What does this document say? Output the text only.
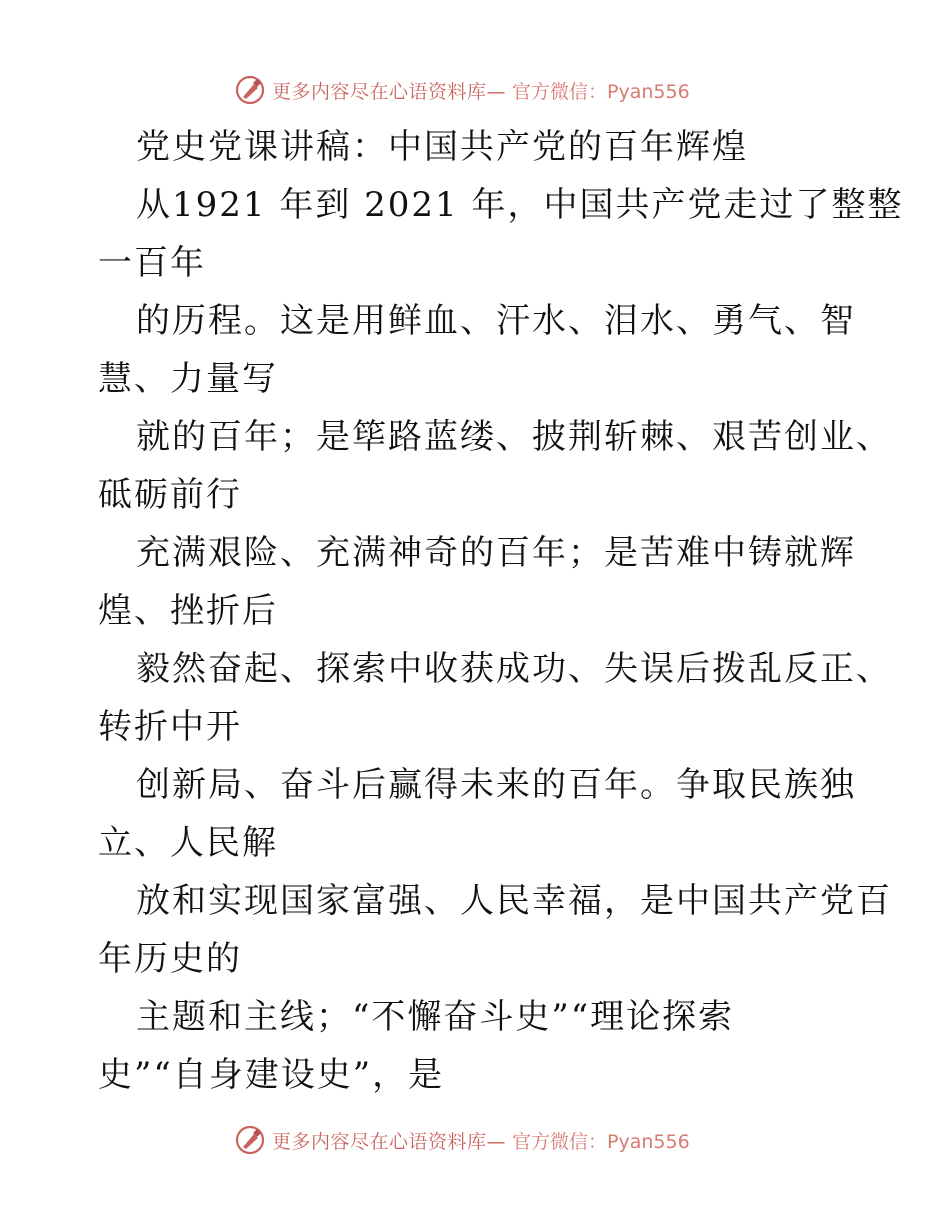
更多内容尽在心语资料库— 官方微信：Pyan556
党史党课讲稿：中国共产党的百年辉煌
从1921 年到 2021 年，中国共产党走过了整整
一百年
的历程。这是用鲜血、汗水、泪水、勇气、智
慧、力量写
就的百年；是筚路蓝缕、披荆斩棘、艰苦创业、
砥砺前行
充满艰险、充满神奇的百年；是苦难中铸就辉
煌、挫折后
毅然奋起、探索中收获成功、失误后拨乱反正、
转折中开
创新局、奋斗后赢得未来的百年。争取民族独
立、人民解
放和实现国家富强、人民幸福，是中国共产党百
年历史的
主题和主线；“不懈奋斗史”“理论探索
史”“自身建设史”，是
更多内容尽在心语资料库— 官方微信：Pyan556
